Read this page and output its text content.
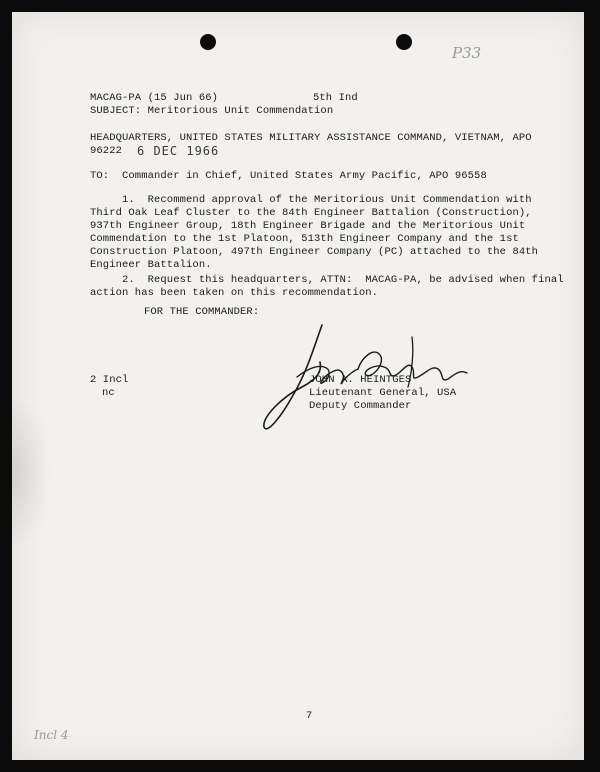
P33
MACAG-PA (15 Jun 66)	5th Ind
SUBJECT: Meritorious Unit Commendation
HEADQUARTERS, UNITED STATES MILITARY ASSISTANCE COMMAND, VIETNAM, APO
96222 6 DEC 1966
TO:  Commander in Chief, United States Army Pacific, APO 96558
1.  Recommend approval of the Meritorious Unit Commendation with
Third Oak Leaf Cluster to the 84th Engineer Battalion (Construction),
937th Engineer Group, 18th Engineer Brigade and the Meritorious Unit
Commendation to the 1st Platoon, 513th Engineer Company and the 1st
Construction Platoon, 497th Engineer Company (PC) attached to the 84th
Engineer Battalion.
2.  Request this headquarters, ATTN:  MACAG-PA, be advised when final
action has been taken on this recommendation.
FOR THE COMMANDER:
JOHN A. HEINTGES
Lieutenant General, USA
Deputy Commander
2 Incl
nc
7
Incl 4
